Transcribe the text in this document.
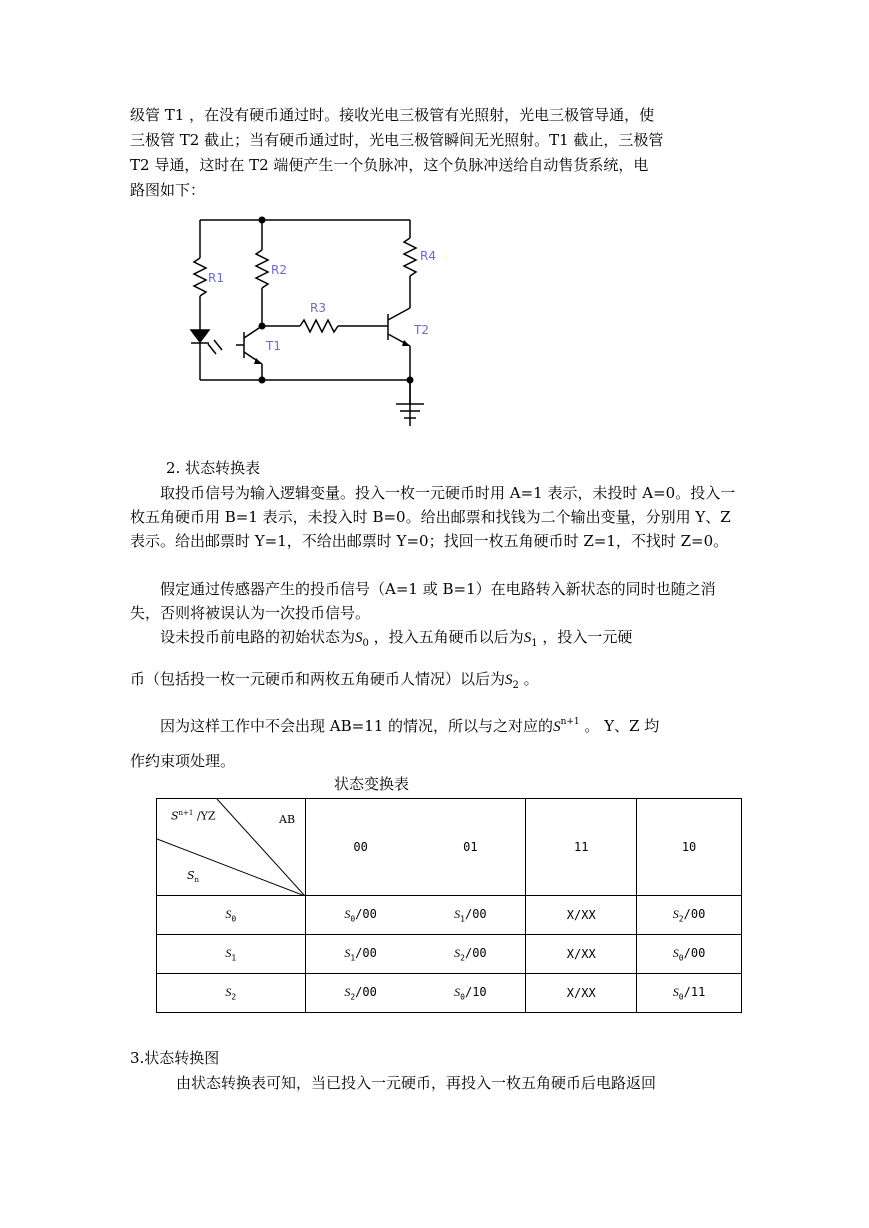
级管 T1 ，在没有硬币通过时。接收光电三极管有光照射，光电三极管导通，使
三极管 T2 截止；当有硬币通过时，光电三极管瞬间无光照射。T1 截止，三极管
T2 导通，这时在 T2 端便产生一个负脉冲，这个负脉冲送给自动售货系统，电
路图如下：
R1
R2
R3
R4
T1
T2
2. 状态转换表

取投币信号为输入逻辑变量。投入一枚一元硬币时用 A=1 表示，未投时 A=0。投入一枚五角硬币用 B=1 表示，未投入时 B=0。给出邮票和找钱为二个输出变量，分别用 Y、Z 表示。给出邮票时 Y=1，不给出邮票时 Y=0；找回一枚五角硬币时 Z=1，不找时 Z=0。

假定通过传感器产生的投币信号（A=1 或 B=1）在电路转入新状态的同时也随之消失，否则将被误认为一次投币信号。

设未投币前电路的初始状态为$S_0$ ，投入五角硬币以后为$S_1$ ，投入一元硬
币（包括投一枚一元硬币和两枚五角硬币人情况）以后为$S_2$ 。
因为这样工作中不会出现 AB=11 的情况，所以与之对应的$S^{n+1}$ 。 Y、Z 均
作约束项处理。
状态变换表
$S^{n+1}$ /YZ AB
$S_n$	00	01	11	10
$S_0$	$S_0/00$	$S_1/00$	X/XX	$S_2/00$
$S_1$	$S_1/00$	$S_2/00$	X/XX	$S_0/00$
$S_2$	$S_2/00$	$S_0/10$	X/XX	$S_0/11$
3.状态转换图
由状态转换表可知，当已投入一元硬币，再投入一枚五角硬币后电路返回
